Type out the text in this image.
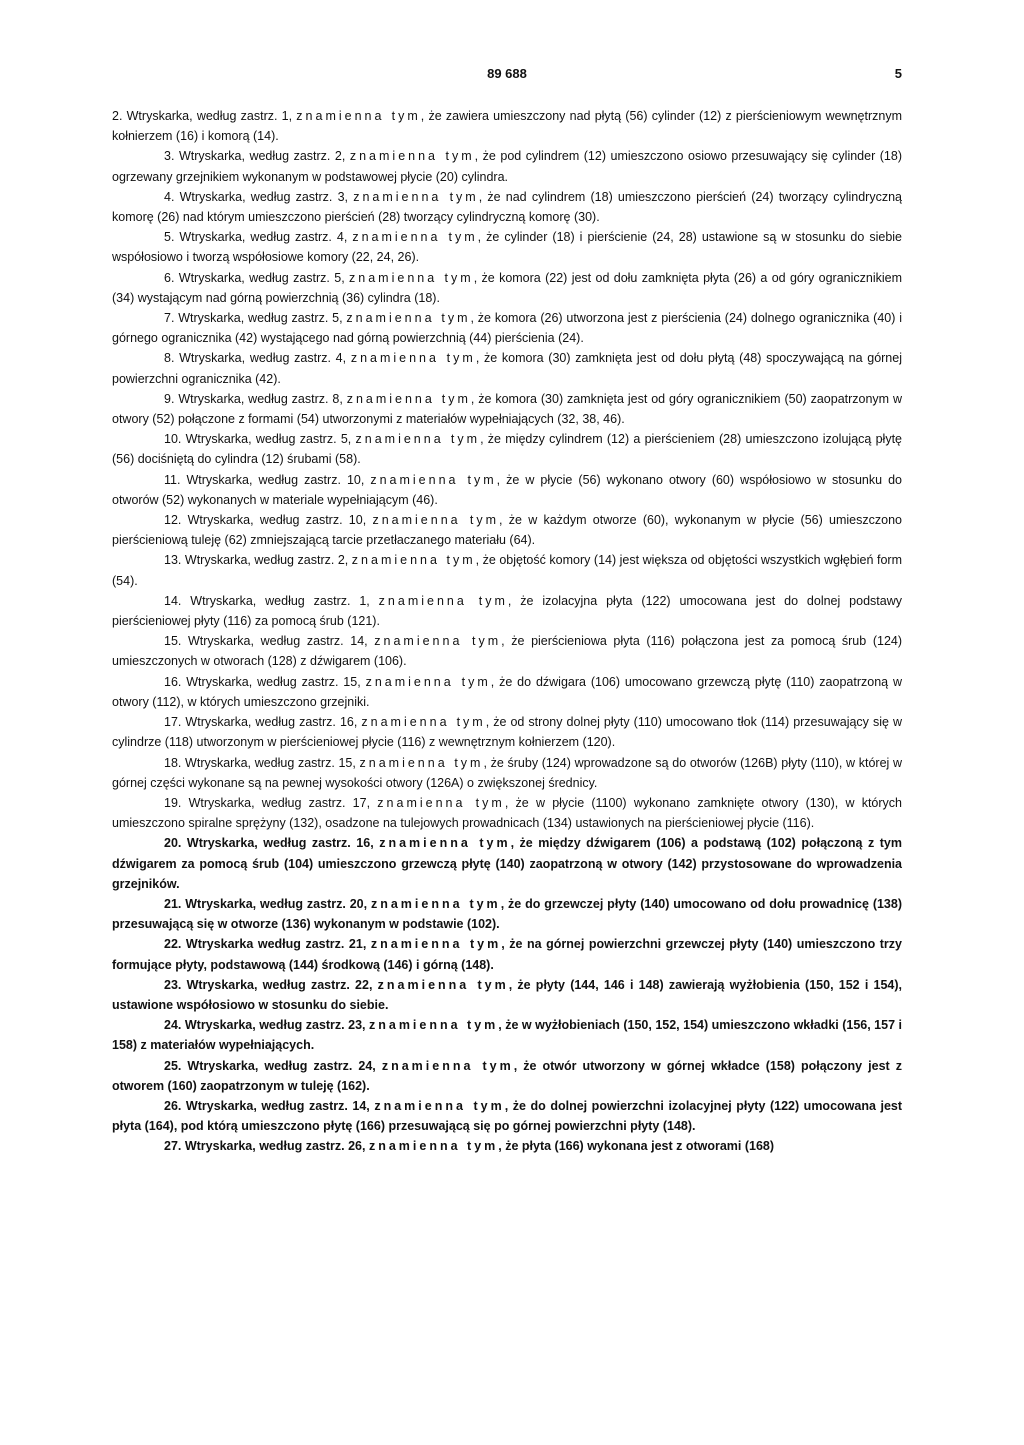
89 688	5

2. Wtryskarka, według zastrz. 1, znamienna tym, że zawiera umieszczony nad płytą (56) cylinder (12) z pierścieniowym wewnętrznym kołnierzem (16) i komorą (14).

3. Wtryskarka, według zastrz. 2, znamienna tym, że pod cylindrem (12) umieszczono osiowo przesuwający się cylinder (18) ogrzewany grzejnikiem wykonanym w podstawowej płycie (20) cylindra.

4. Wtryskarka, według zastrz. 3, znamienna tym, że nad cylindrem (18) umieszczono pierścień (24) tworzący cylindryczną komorę (26) nad którym umieszczono pierścień (28) tworzący cylindryczną komorę (30).

5. Wtryskarka, według zastrz. 4, znamienna tym, że cylinder (18) i pierścienie (24, 28) ustawione są w stosunku do siebie współosiowo i tworzą współosiowe komory (22, 24, 26).

6. Wtryskarka, według zastrz. 5, znamienna tym, że komora (22) jest od dołu zamknięta płyta (26) a od góry ogranicznikiem (34) wystającym nad górną powierzchnią (36) cylindra (18).

7. Wtryskarka, według zastrz. 5, znamienna tym, że komora (26) utworzona jest z pierścienia (24) dolnego ogranicznika (40) i górnego ogranicznika (42) wystającego nad górną powierzchnią (44) pierścienia (24).

8. Wtryskarka, według zastrz. 4, znamienna tym, że komora (30) zamknięta jest od dołu płytą (48) spoczywającą na górnej powierzchni ogranicznika (42).

9. Wtryskarka, według zastrz. 8, znamienna tym, że komora (30) zamknięta jest od góry ogranicznikiem (50) zaopatrzonym w otwory (52) połączone z formami (54) utworzonymi z materiałów wypełniających (32, 38, 46).

10. Wtryskarka, według zastrz. 5, znamienna tym, że między cylindrem (12) a pierścieniem (28) umieszczono izolującą płytę (56) dociśniętą do cylindra (12) śrubami (58).

11. Wtryskarka, według zastrz. 10, znamienna tym, że w płycie (56) wykonano otwory (60) współosiowo w stosunku do otworów (52) wykonanych w materiale wypełniającym (46).

12. Wtryskarka, według zastrz. 10, znamienna tym, że w każdym otworze (60), wykonanym w płycie (56) umieszczono pierścieniową tuleję (62) zmniejszającą tarcie przetłaczanego materiału (64).

13. Wtryskarka, według zastrz. 2, znamienna tym, że objętość komory (14) jest większa od objętości wszystkich wgłębień form (54).

14. Wtryskarka, według zastrz. 1, znamienna tym, że izolacyjna płyta (122) umocowana jest do dolnej podstawy pierścieniowej płyty (116) za pomocą śrub (121).

15. Wtryskarka, według zastrz. 14, znamienna tym, że pierścieniowa płyta (116) połączona jest za pomocą śrub (124) umieszczonych w otworach (128) z dźwigarem (106).

16. Wtryskarka, według zastrz. 15, znamienna tym, że do dźwigara (106) umocowano grzewczą płytę (110) zaopatrzoną w otwory (112), w których umieszczono grzejniki.

17. Wtryskarka, według zastrz. 16, znamienna tym, że od strony dolnej płyty (110) umocowano tłok (114) przesuwający się w cylindrze (118) utworzonym w pierścieniowej płycie (116) z wewnętrznym kołnierzem (120).

18. Wtryskarka, według zastrz. 15, znamienna tym, że śruby (124) wprowadzone są do otworów (126B) płyty (110), w której w górnej części wykonane są na pewnej wysokości otwory (126A) o zwiększonej średnicy.

19. Wtryskarka, według zastrz. 17, znamienna tym, że w płycie (1100) wykonano zamknięte otwory (130), w których umieszczono spiralne sprężyny (132), osadzone na tulejowych prowadnicach (134) ustawionych na pierścieniowej płycie (116).

20. Wtryskarka, według zastrz. 16, znamienna tym, że między dźwigarem (106) a podstawą (102) połączoną z tym dźwigarem za pomocą śrub (104) umieszczono grzewczą płytę (140) zaopatrzoną w otwory (142) przystosowane do wprowadzenia grzejników.

21. Wtryskarka, według zastrz. 20, znamienna tym, że do grzewczej płyty (140) umocowano od dołu prowadnicę (138) przesuwającą się w otworze (136) wykonanym w podstawie (102).

22. Wtryskarka według zastrz. 21, znamienna tym, że na górnej powierzchni grzewczej płyty (140) umieszczono trzy formujące płyty, podstawową (144) środkową (146) i górną (148).

23. Wtryskarka, według zastrz. 22, znamienna tym, że płyty (144, 146 i 148) zawierają wyżłobienia (150, 152 i 154), ustawione współosiowo w stosunku do siebie.

24. Wtryskarka, według zastrz. 23, znamienna tym, że w wyżłobieniach (150, 152, 154) umieszczono wkładki (156, 157 i 158) z materiałów wypełniających.

25. Wtryskarka, według zastrz. 24, znamienna tym, że otwór utworzony w górnej wkładce (158) połączony jest z otworem (160) zaopatrzonym w tuleję (162).

26. Wtryskarka, według zastrz. 14, znamienna tym, że do dolnej powierzchni izolacyjnej płyty (122) umocowana jest płyta (164), pod którą umieszczono płytę (166) przesuwającą się po górnej powierzchni płyty (148).

27. Wtryskarka, według zastrz. 26, znamienna tym, że płyta (166) wykonana jest z otworami (168)
